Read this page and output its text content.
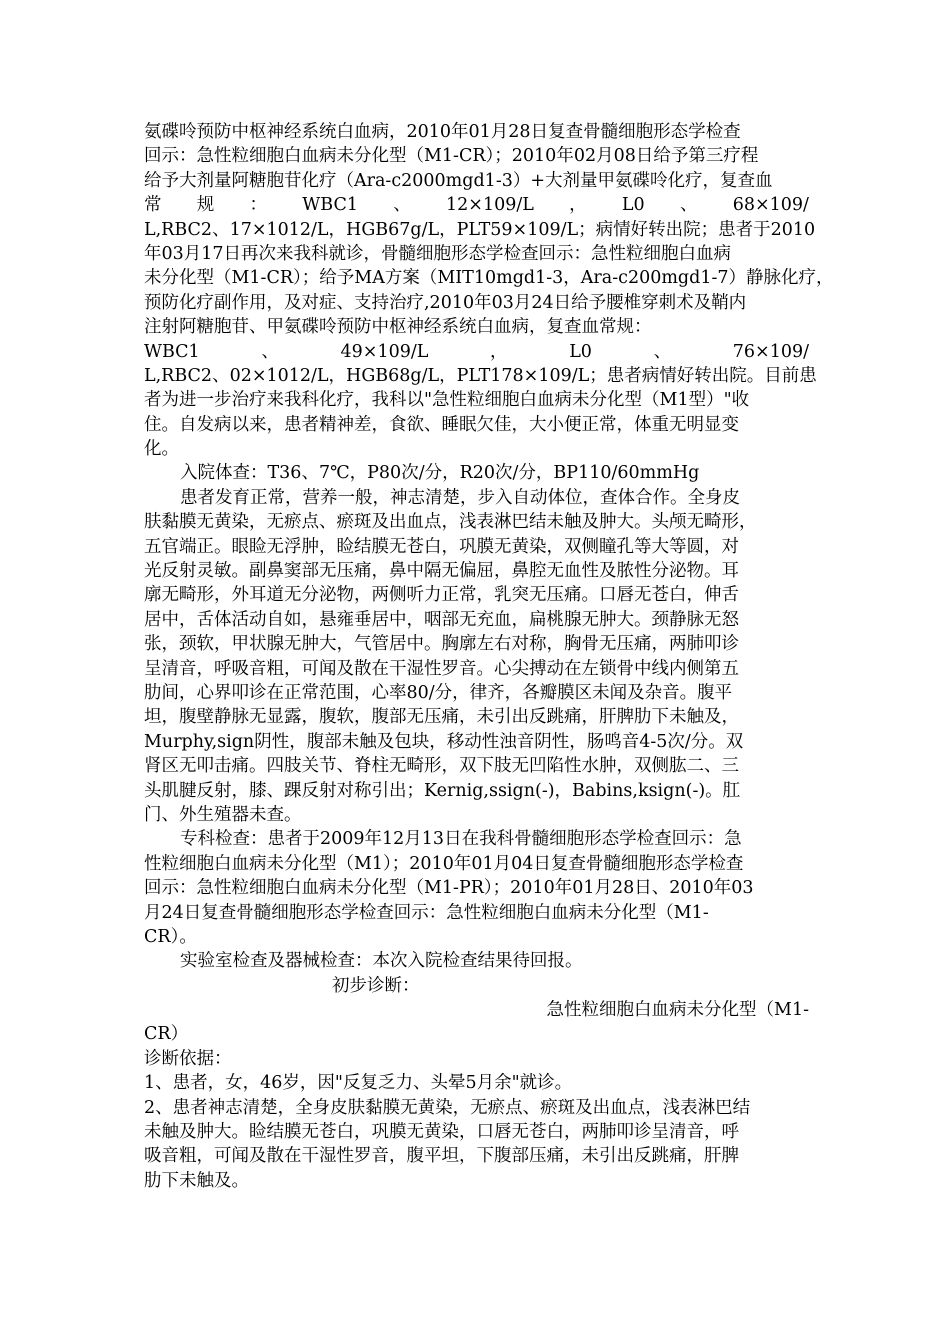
氨碟呤预防中枢神经系统白血病，2010年01月28日复查骨髓细胞形态学检查
回示：急性粒细胞白血病未分化型（M1-CR）；2010年02月08日给予第三疗程
给予大剂量阿糖胞苷化疗（Ara-c2000mgd1-3）+大剂量甲氨碟呤化疗，复查血
常 规 ： WBC1 、 12×109/L ， L0 、 68×109/
L,RBC2、17×1012/L，HGB67g/L，PLT59×109/L；病情好转出院；患者于2010
年03月17日再次来我科就诊，骨髓细胞形态学检查回示：急性粒细胞白血病
未分化型（M1-CR）；给予MA方案（MIT10mgd1-3，Ara-c200mgd1-7）静脉化疗，
预防化疗副作用，及对症、支持治疗,2010年03月24日给予腰椎穿刺术及鞘内
注射阿糖胞苷、甲氨碟呤预防中枢神经系统白血病，复查血常规：
WBC1	、	49×109/L	，	L0	、	76×109/
L,RBC2、02×1012/L，HGB68g/L，PLT178×109/L；患者病情好转出院。目前患
者为进一步治疗来我科化疗，我科以"急性粒细胞白血病未分化型（M1型）"收
住。自发病以来，患者精神差，食欲、睡眠欠佳，大小便正常，体重无明显变
化。
入院体查：T36、7℃，P80次/分，R20次/分，BP110/60mmHg
患者发育正常，营养一般，神志清楚，步入自动体位，查体合作。全身皮
肤黏膜无黄染，无瘀点、瘀斑及出血点，浅表淋巴结未触及肿大。头颅无畸形，
五官端正。眼睑无浮肿，睑结膜无苍白，巩膜无黄染，双侧瞳孔等大等圆，对
光反射灵敏。副鼻窦部无压痛，鼻中隔无偏屈，鼻腔无血性及脓性分泌物。耳
廓无畸形，外耳道无分泌物，两侧听力正常，乳突无压痛。口唇无苍白，伸舌
居中，舌体活动自如，悬雍垂居中，咽部无充血，扁桃腺无肿大。颈静脉无怒
张，颈软，甲状腺无肿大，气管居中。胸廓左右对称，胸骨无压痛，两肺叩诊
呈清音，呼吸音粗，可闻及散在干湿性罗音。心尖搏动在左锁骨中线内侧第五
肋间，心界叩诊在正常范围，心率80/分，律齐，各瓣膜区未闻及杂音。腹平
坦，腹壁静脉无显露，腹软，腹部无压痛，未引出反跳痛，肝脾肋下未触及，
Murphy,sign阴性，腹部未触及包块，移动性浊音阴性，肠鸣音4-5次/分。双
肾区无叩击痛。四肢关节、脊柱无畸形，双下肢无凹陷性水肿，双侧肱二、三
头肌腱反射，膝、踝反射对称引出；Kernig,ssign(-)，Babins,ksign(-)。肛
门、外生殖器未查。
专科检查：患者于2009年12月13日在我科骨髓细胞形态学检查回示：急
性粒细胞白血病未分化型（M1）；2010年01月04日复查骨髓细胞形态学检查
回示：急性粒细胞白血病未分化型（M1-PR）；2010年01月28日、2010年03
月24日复查骨髓细胞形态学检查回示：急性粒细胞白血病未分化型（M1-
CR）。
实验室检查及器械检查：本次入院检查结果待回报。
初步诊断：
急性粒细胞白血病未分化型（M1-
CR）
诊断依据：
1、患者，女，46岁，因"反复乏力、头晕5月余"就诊。
2、患者神志清楚，全身皮肤黏膜无黄染，无瘀点、瘀斑及出血点，浅表淋巴结
未触及肿大。睑结膜无苍白，巩膜无黄染，口唇无苍白，两肺叩诊呈清音，呼
吸音粗，可闻及散在干湿性罗音，腹平坦，下腹部压痛，未引出反跳痛，肝脾
肋下未触及。
